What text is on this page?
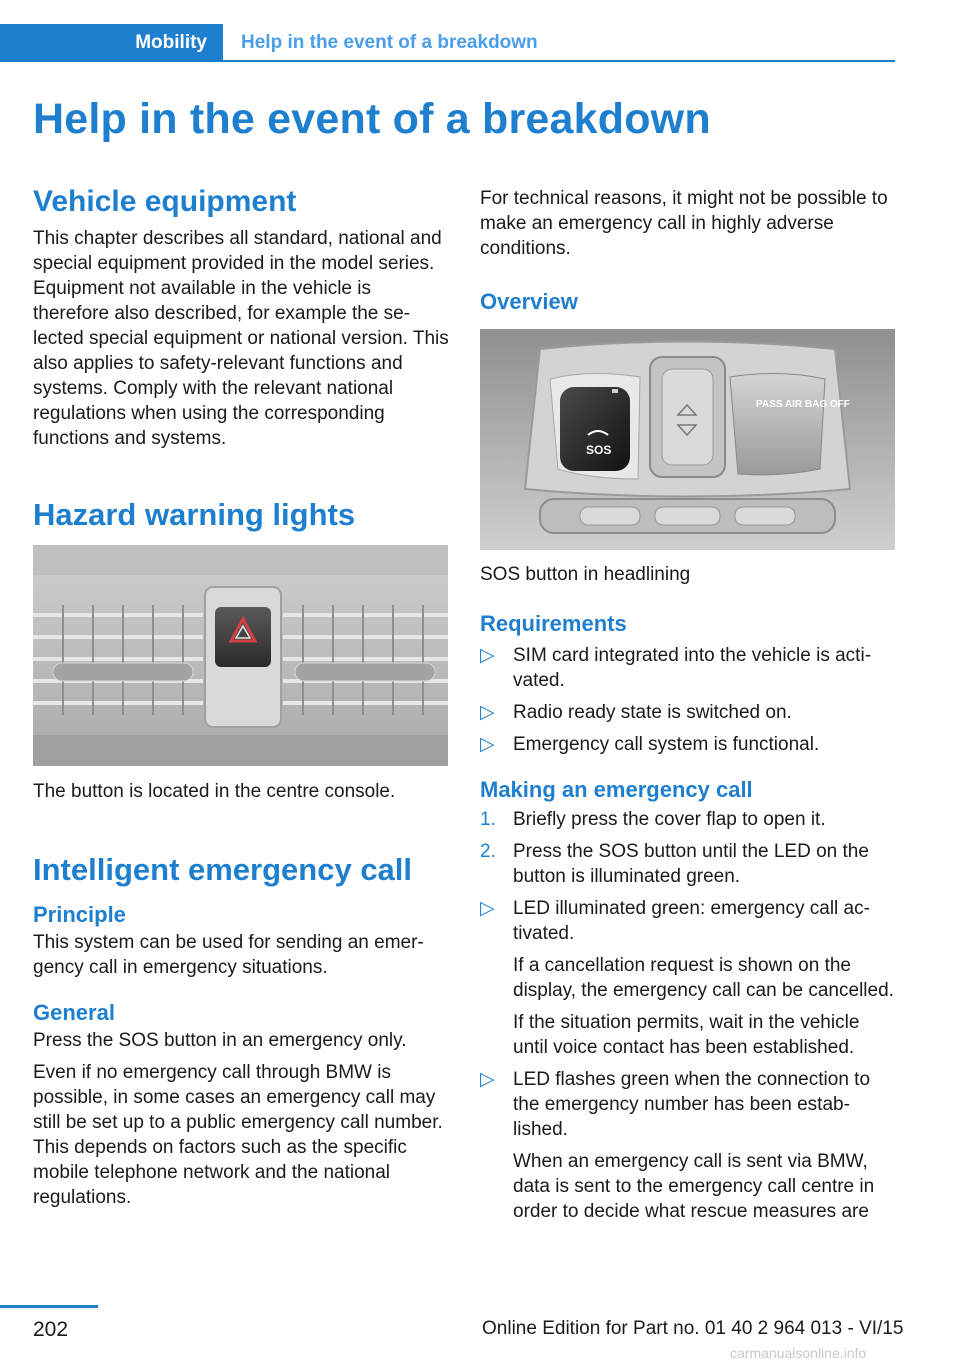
Mobility	Help in the event of a breakdown
Help in the event of a breakdown
Vehicle equipment

This chapter describes all standard, national and special equipment provided in the model series. Equipment not available in the vehicle is therefore also described, for example the selected special equipment or national version. This also applies to safety-relevant functions and systems. Comply with the relevant national regulations when using the corresponding functions and systems.

Hazard warning lights

The button is located in the centre console.

Intelligent emergency call
Principle

This system can be used for sending an emergency call in emergency situations.

General

Press the SOS button in an emergency only.

Even if no emergency call through BMW is possible, in some cases an emergency call may still be set up to a public emergency call number. This depends on factors such as the specific mobile telephone network and the national regulations.

For technical reasons, it might not be possible to make an emergency call in highly adverse conditions.

Overview
SOS
PASS AIR BAG OFF

SOS button in headlining

Requirements
▷ SIM card integrated into the vehicle is activated.
▷ Radio ready state is switched on.
▷ Emergency call system is functional.
Making an emergency call
1. Briefly press the cover flap to open it.
2. Press the SOS button until the LED on the button is illuminated green.
▷ LED illuminated green: emergency call activated.

If a cancellation request is shown on the display, the emergency call can be cancelled.

If the situation permits, wait in the vehicle until voice contact has been established.

▷ LED flashes green when the connection to the emergency number has been established.

When an emergency call is sent via BMW, data is sent to the emergency call centre in order to decide what rescue measures are

202	Online Edition for Part no. 01 40 2 964 013 - VI/15
carmanualsonline.info
